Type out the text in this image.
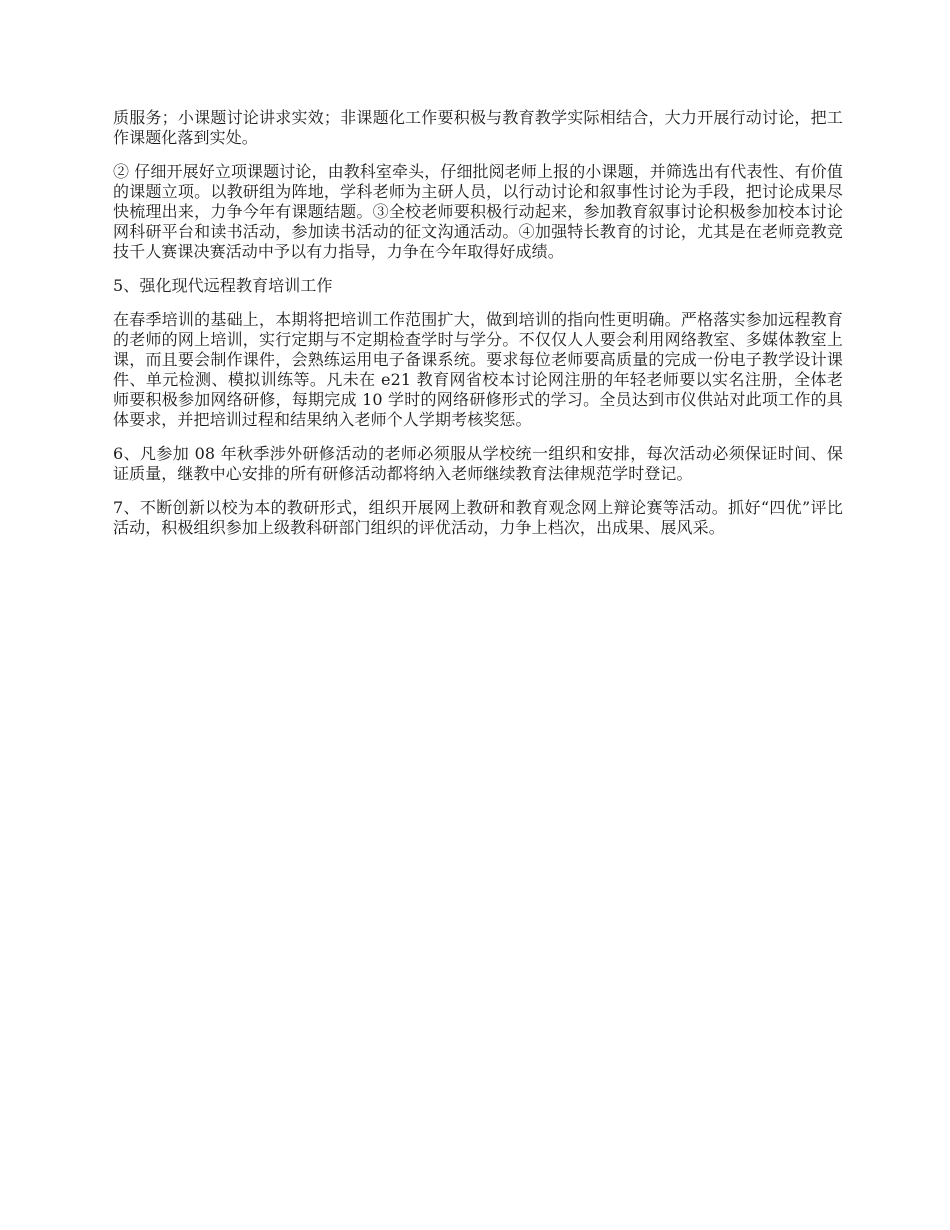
质服务；小课题讨论讲求实效；非课题化工作要积极与教育教学实际相结合，大力开展行动讨论，把工作课题化落到实处。

② 仔细开展好立项课题讨论，由教科室牵头，仔细批阅老师上报的小课题，并筛选出有代表性、有价值的课题立项。以教研组为阵地，学科老师为主研人员，以行动讨论和叙事性讨论为手段，把讨论成果尽快梳理出来，力争今年有课题结题。③全校老师要积极行动起来，参加教育叙事讨论积极参加校本讨论网科研平台和读书活动，参加读书活动的征文沟通活动。④加强特长教育的讨论，尤其是在老师竞教竞技千人赛课决赛活动中予以有力指导，力争在今年取得好成绩。

5、强化现代远程教育培训工作

在春季培训的基础上，本期将把培训工作范围扩大，做到培训的指向性更明确。严格落实参加远程教育的老师的网上培训，实行定期与不定期检查学时与学分。不仅仅人人要会利用网络教室、多媒体教室上课，而且要会制作课件，会熟练运用电子备课系统。要求每位老师要高质量的完成一份电子教学设计课件、单元检测、模拟训练等。凡未在 e21 教育网省校本讨论网注册的年轻老师要以实名注册，全体老师要积极参加网络研修，每期完成 10 学时的网络研修形式的学习。全员达到市仪供站对此项工作的具体要求，并把培训过程和结果纳入老师个人学期考核奖惩。

6、凡参加 08 年秋季涉外研修活动的老师必须服从学校统一组织和安排，每次活动必须保证时间、保证质量，继教中心安排的所有研修活动都将纳入老师继续教育法律规范学时登记。

7、不断创新以校为本的教研形式，组织开展网上教研和教育观念网上辩论赛等活动。抓好“四优”评比活动，积极组织参加上级教科研部门组织的评优活动，力争上档次，出成果、展风采。
